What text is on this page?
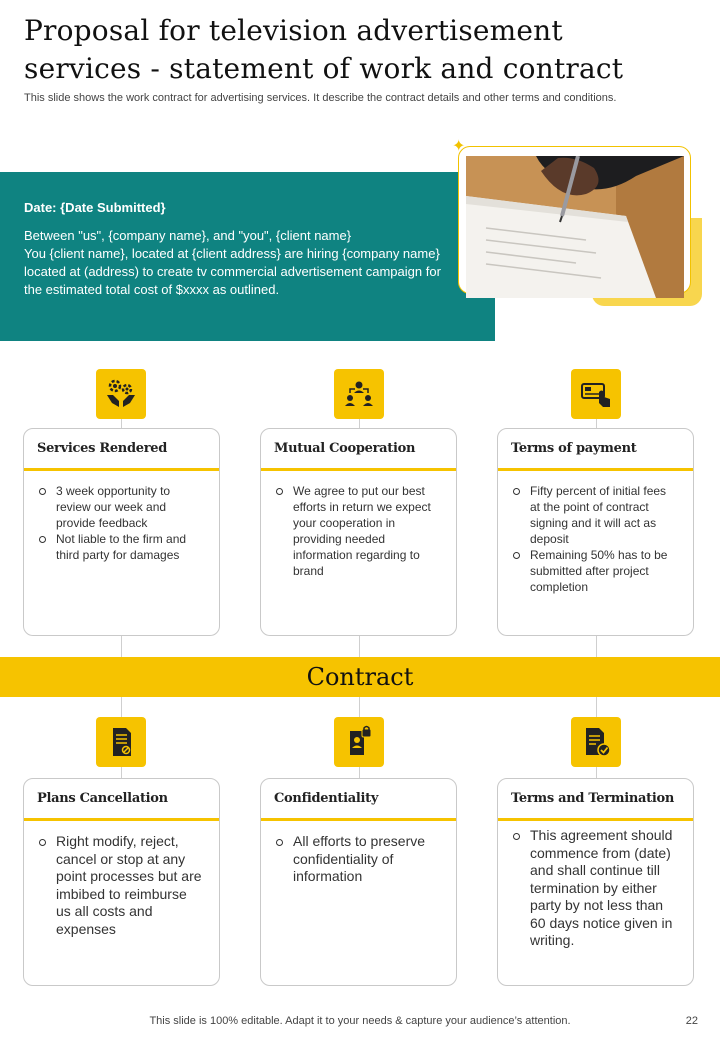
Proposal for television advertisement
services - statement of work and contract
This slide shows the work contract for advertising services. It describe the contract details and other terms and conditions.
Date: {Date Submitted}
Between "us", {company name}, and "you", {client name}
You {client name}, located at {client address} are hiring {company name} located at (address) to create tv commercial advertisement campaign for the estimated total cost of $xxxx as outlined.
✦
Services Rendered
3 week opportunity to review our week and provide feedback
Not liable to the firm and third party for damages
Mutual Cooperation
We agree to put our best efforts in return we expect your cooperation in providing needed information regarding to brand
Terms of payment
Fifty percent of initial fees at the point of contract signing and it will act as deposit
Remaining 50% has to be submitted after project completion
Contract
Plans Cancellation
Right modify, reject, cancel or stop at any point processes but are imbibed to reimburse us all costs and expenses
Confidentiality
All efforts to preserve confidentiality of information
Terms and Termination
This agreement should commence from (date) and shall continue till termination by either party by not less than 60 days notice given in writing.
This slide is 100% editable. Adapt it to your needs & capture your audience’s attention.	22
